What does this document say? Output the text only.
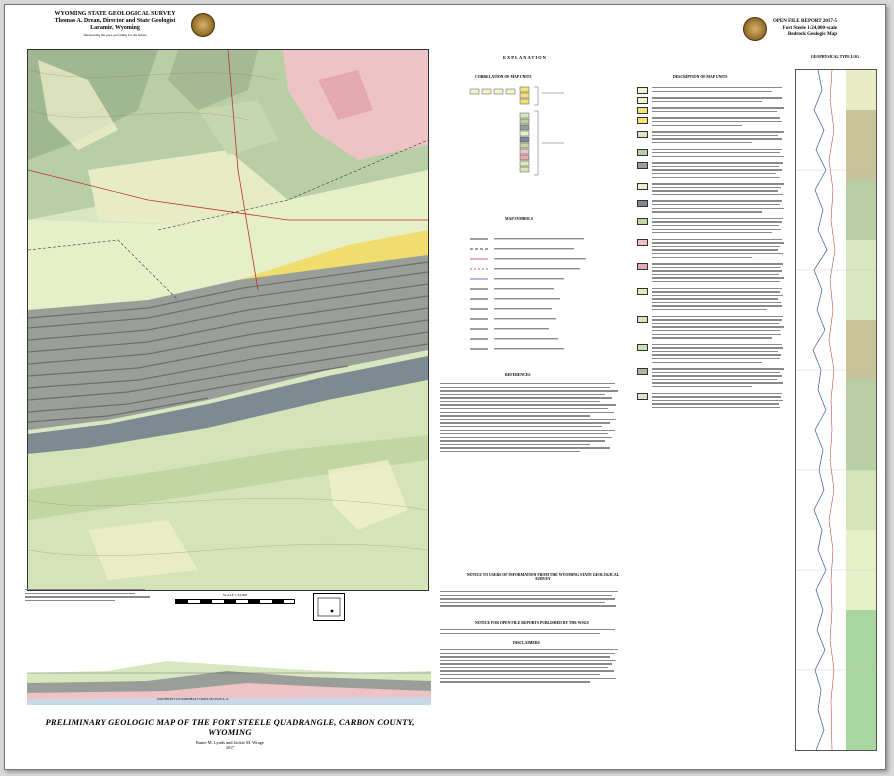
WYOMING STATE GEOLOGICAL SURVEY
Thomas A. Drean, Director and State Geologist
Laramie, Wyoming
Interpreting the past, providing for the future
OPEN FILE REPORT 2017-5
Fort Steele 1:24,000-scale
Bedrock Geologic Map
SCALE 1:24,000
SOUTHWEST TO NORTHEAST CROSS SECTION A–A'
PRELIMINARY GEOLOGIC MAP OF THE FORT STEELE QUADRANGLE, CARBON COUNTY, WYOMING
Ranie M. Lynds and Jackie M. Wrage
2017
EXPLANATION
CORRELATION OF MAP UNITS
MAP SYMBOLS
REFERENCES
NOTICE TO USERS OF INFORMATION FROM THE WYOMING STATE GEOLOGICAL SURVEY
NOTICE FOR OPEN FILE REPORTS PUBLISHED BY THE WSGS
DISCLAIMERS
DESCRIPTION OF MAP UNITS
GEOPHYSICAL TYPE LOG
